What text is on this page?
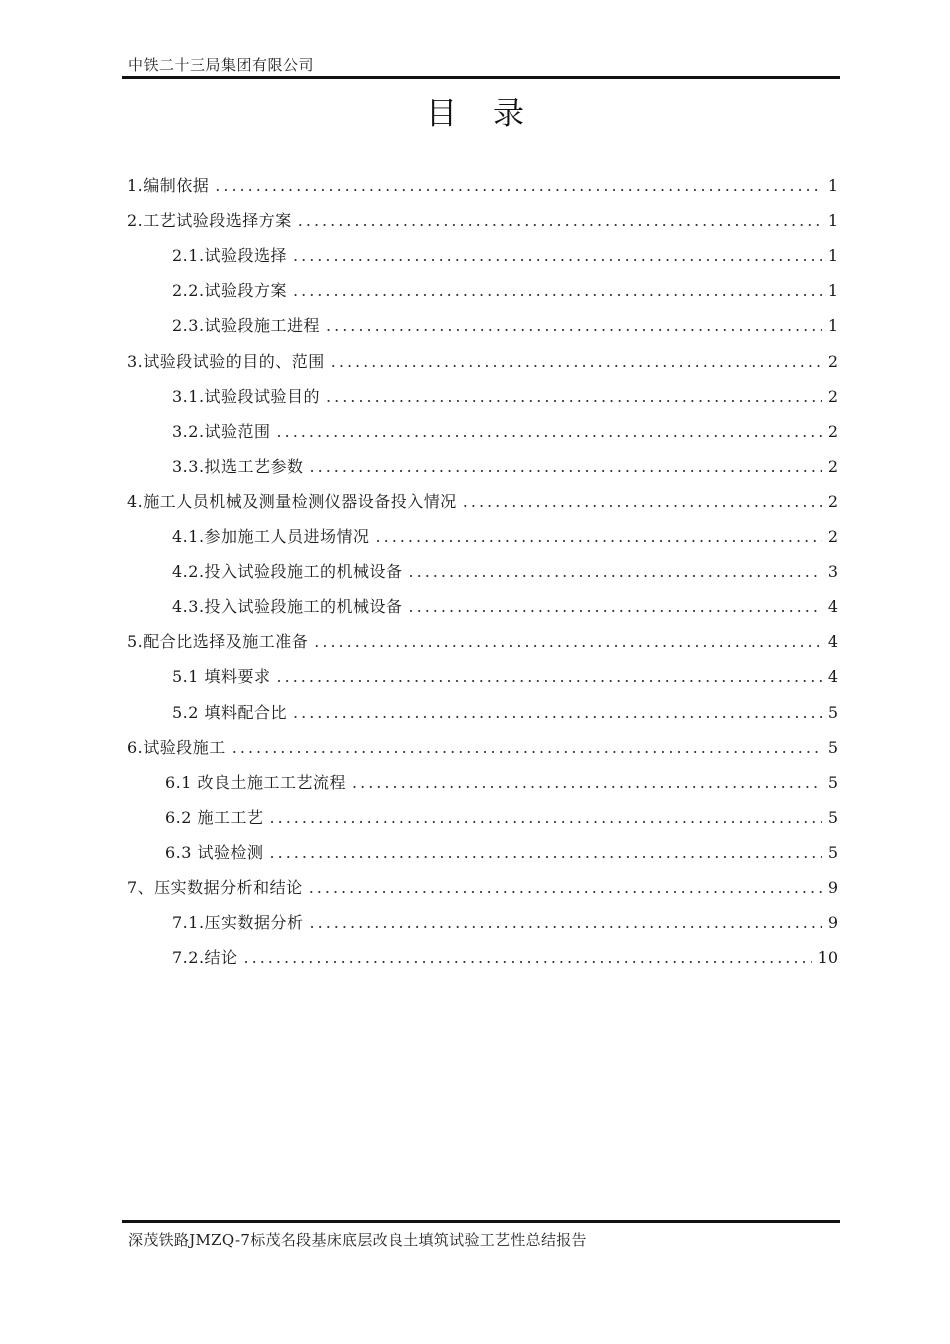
中铁二十三局集团有限公司
目录
1.编制依据 .....	1
2.工艺试验段选择方案 .....	1
2.1.试验段选择 .....	1
2.2.试验段方案 .....	1
2.3.试验段施工进程 .....	1
3.试验段试验的目的、范围 .....	2
3.1.试验段试验目的 .....	2
3.2.试验范围 .....	2
3.3.拟选工艺参数 .....	2
4.施工人员机械及测量检测仪器设备投入情况 .....	2
4.1.参加施工人员进场情况 .....	2
4.2.投入试验段施工的机械设备 .....	3
4.3.投入试验段施工的机械设备 .....	4
5.配合比选择及施工准备 .....	4
5.1 填料要求 .....	4
5.2 填料配合比 .....	5
6.试验段施工 .....	5
6.1 改良土施工工艺流程 .....	5
6.2 施工工艺 .....	5
6.3 试验检测 .....	5
7、压实数据分析和结论 .....	9
7.1.压实数据分析 .....	9
7.2.结论 .....	10
深茂铁路JMZQ-7标茂名段基床底层改良土填筑试验工艺性总结报告
